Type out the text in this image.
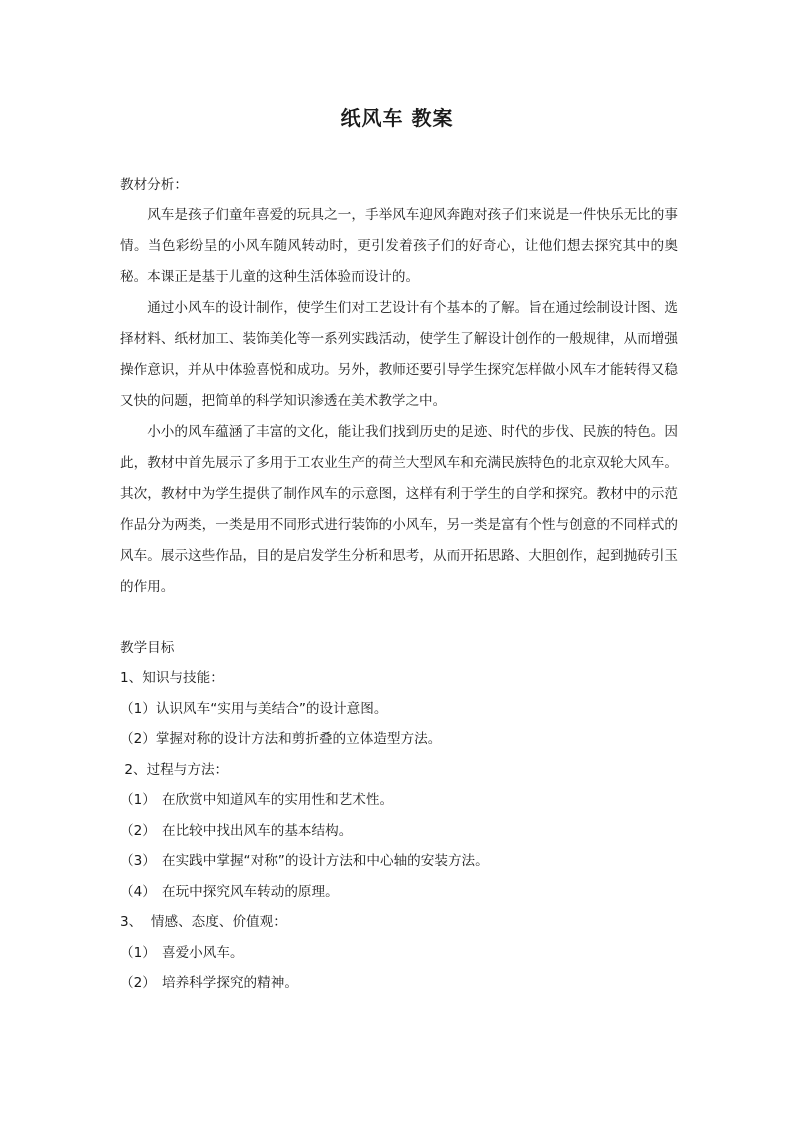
纸风车 教案

教材分析：

风车是孩子们童年喜爱的玩具之一，手举风车迎风奔跑对孩子们来说是一件快乐无比的事情。当色彩纷呈的小风车随风转动时，更引发着孩子们的好奇心，让他们想去探究其中的奥秘。本课正是基于儿童的这种生活体验而设计的。

通过小风车的设计制作，使学生们对工艺设计有个基本的了解。旨在通过绘制设计图、选择材料、纸材加工、装饰美化等一系列实践活动，使学生了解设计创作的一般规律，从而增强操作意识，并从中体验喜悦和成功。另外，教师还要引导学生探究怎样做小风车才能转得又稳又快的问题，把简单的科学知识渗透在美术教学之中。

小小的风车蕴涵了丰富的文化，能让我们找到历史的足迹、时代的步伐、民族的特色。因此，教材中首先展示了多用于工农业生产的荷兰大型风车和充满民族特色的北京双轮大风车。其次，教材中为学生提供了制作风车的示意图，这样有利于学生的自学和探究。教材中的示范作品分为两类，一类是用不同形式进行装饰的小风车，另一类是富有个性与创意的不同样式的风车。展示这些作品，目的是启发学生分析和思考，从而开拓思路、大胆创作，起到抛砖引玉的作用。

教学目标

1、知识与技能：

（1）认识风车“实用与美结合”的设计意图。

（2）掌握对称的设计方法和剪折叠的立体造型方法。

2、过程与方法：

（1） 在欣赏中知道风车的实用性和艺术性。

（2） 在比较中找出风车的基本结构。

（3） 在实践中掌握“对称”的设计方法和中心轴的安装方法。

（4） 在玩中探究风车转动的原理。

3、  情感、态度、价值观：

（1） 喜爱小风车。

（2） 培养科学探究的精神。
